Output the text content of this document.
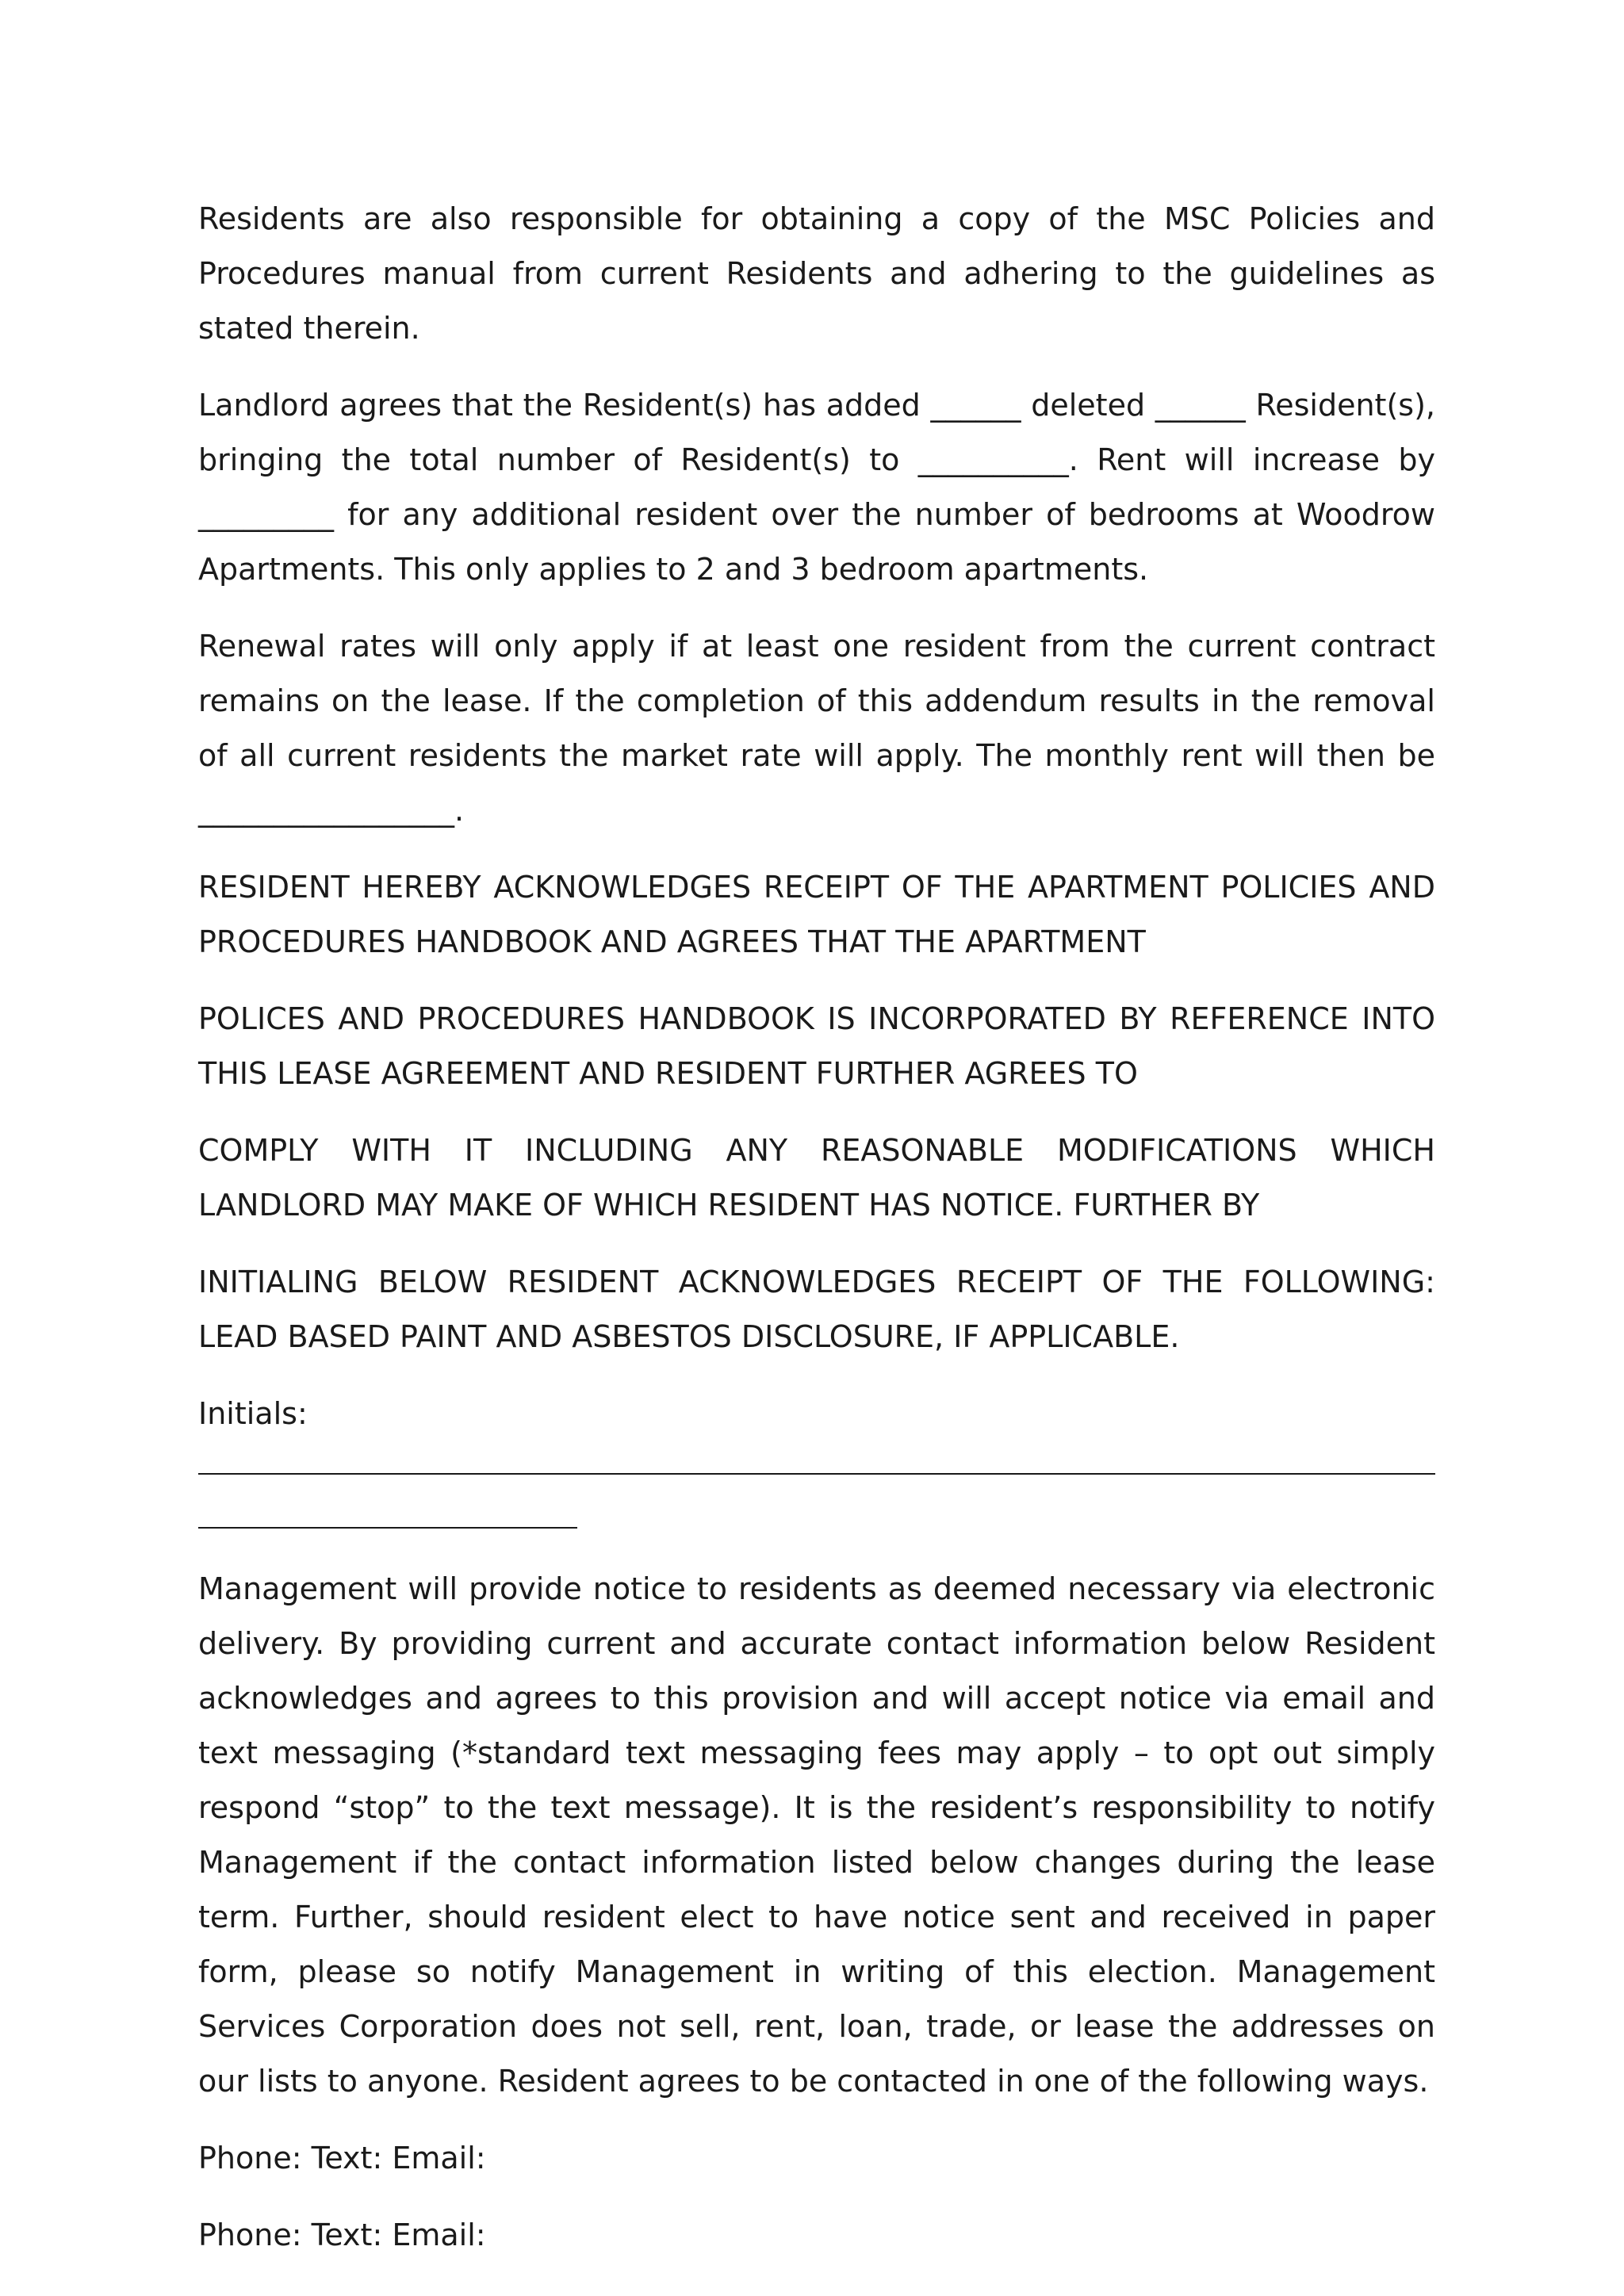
Residents are also responsible for obtaining a copy of the MSC Policies and Procedures manual from current Residents and adhering to the guidelines as stated therein.

Landlord agrees that the Resident(s) has added ______ deleted ______ Resident(s), bringing the total number of Resident(s) to __________. Rent will increase by _________ for any additional resident over the number of bedrooms at Woodrow Apartments. This only applies to 2 and 3 bedroom apartments.

Renewal rates will only apply if at least one resident from the current contract remains on the lease. If the completion of this addendum results in the removal of all current residents the market rate will apply. The monthly rent will then be _________________.

RESIDENT HEREBY ACKNOWLEDGES RECEIPT OF THE APARTMENT POLICIES AND PROCEDURES HANDBOOK AND AGREES THAT THE APARTMENT

POLICES AND PROCEDURES HANDBOOK IS INCORPORATED BY REFERENCE INTO THIS LEASE AGREEMENT AND RESIDENT FURTHER AGREES TO

COMPLY WITH IT INCLUDING ANY REASONABLE MODIFICATIONS WHICH LANDLORD MAY MAKE OF WHICH RESIDENT HAS NOTICE. FURTHER BY

INITIALING BELOW RESIDENT ACKNOWLEDGES RECEIPT OF THE FOLLOWING: LEAD BASED PAINT AND ASBESTOS DISCLOSURE, IF APPLICABLE.

Initials:

Management will provide notice to residents as deemed necessary via electronic delivery. By providing current and accurate contact information below Resident acknowledges and agrees to this provision and will accept notice via email and text messaging (*standard text messaging fees may apply – to opt out simply respond “stop” to the text message). It is the resident’s responsibility to notify Management if the contact information listed below changes during the lease term. Further, should resident elect to have notice sent and received in paper form, please so notify Management in writing of this election. Management Services Corporation does not sell, rent, loan, trade, or lease the addresses on our lists to anyone. Resident agrees to be contacted in one of the following ways.

Phone: Text: Email:

Phone: Text: Email:
